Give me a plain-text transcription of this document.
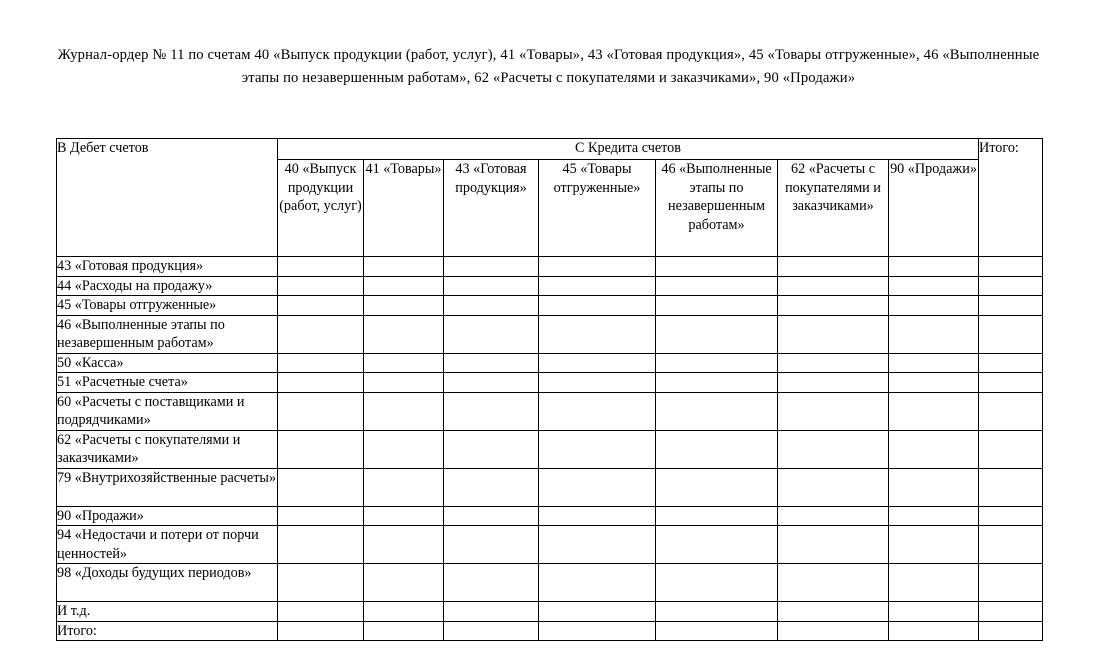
Журнал-ордер № 11 по счетам 40 «Выпуск продукции (работ, услуг), 41 «Товары», 43 «Готовая продукция», 45 «Товары отгруженные», 46 «Выполненные этапы по незавершенным работам», 62 «Расчеты с покупателями и заказчиками», 90 «Продажи»
В Дебет счетов	С Кредита счетов							Итого:
	40 «Выпуск продукции (работ, услуг)	41 «Товары»	43 «Готовая продукция»	45 «Товары отгруженные»	46 «Выполненные этапы по незавершенным работам»	62 «Расчеты с покупателями и заказчиками»	90 «Продажи»	
43 «Готовая продукция»								
44 «Расходы на продажу»								
45 «Товары отгруженные»								
46 «Выполненные этапы по незавершенным работам»								
50 «Касса»								
51 «Расчетные счета»								
60 «Расчеты с поставщиками и подрядчиками»								
62 «Расчеты с покупателями и заказчиками»								
79 «Внутрихозяйственные расчеты»								
90 «Продажи»								
94 «Недостачи и потери от порчи ценностей»								
98 «Доходы будущих периодов»								
И т.д.								
Итого:								
